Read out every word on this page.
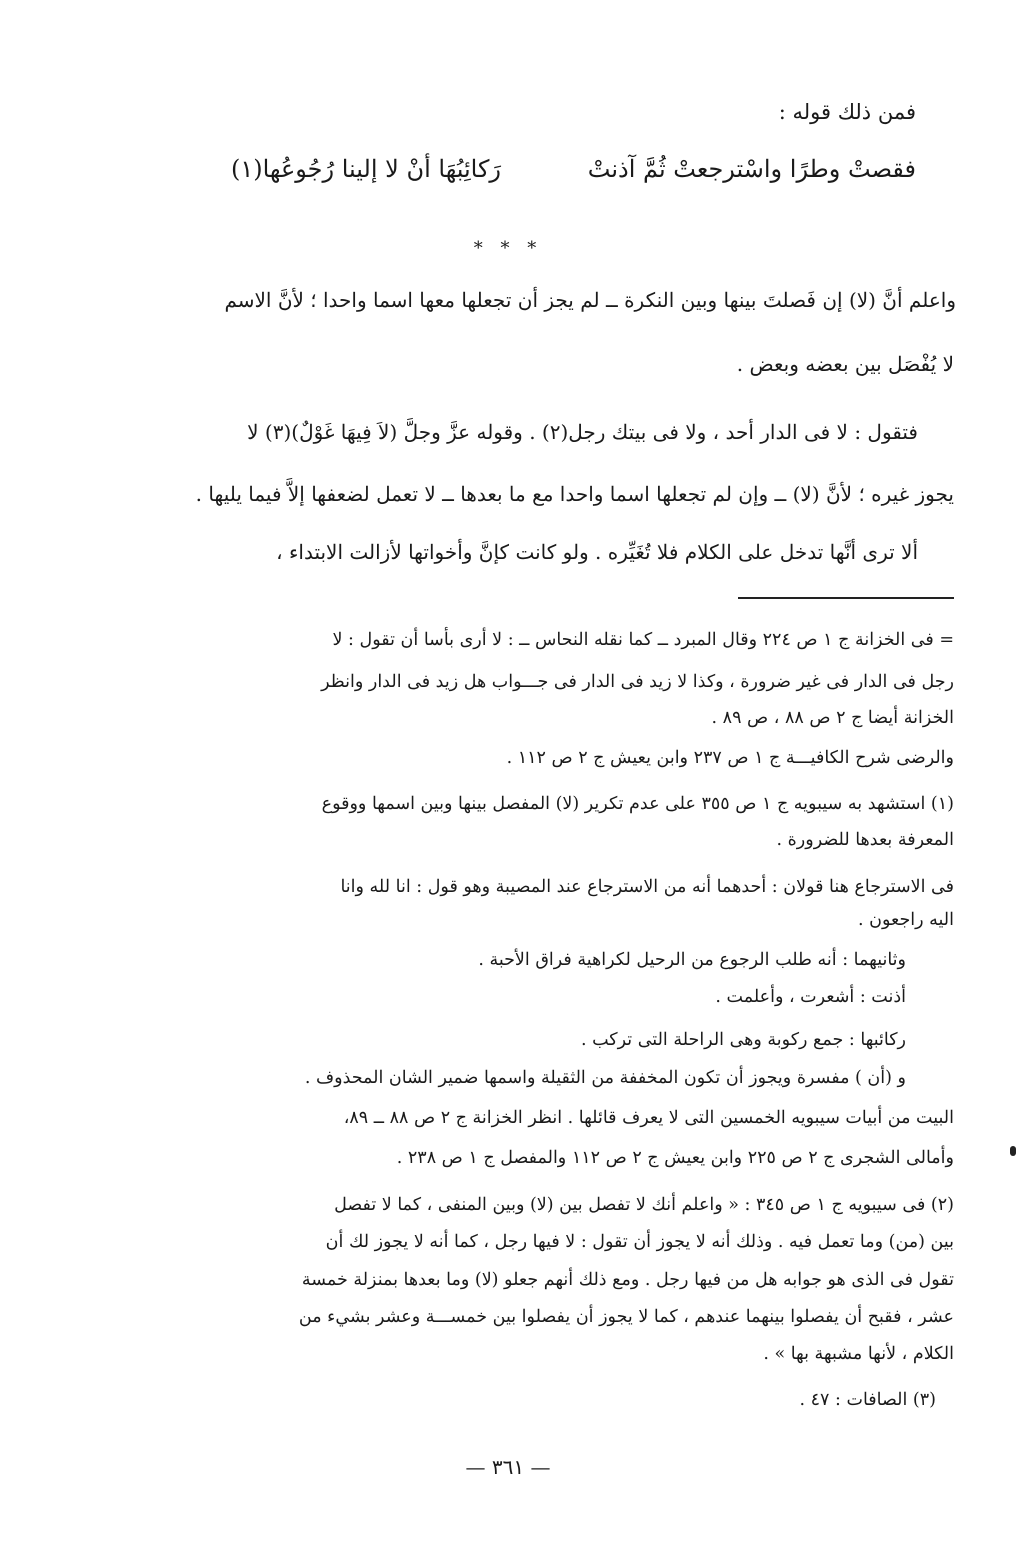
فمن ذلك قوله :
فقصتْ وطرًا واسْترجعتْ ثُمَّ آذنتْ
رَكائِبُهَا أنْ لا إلينا رُجُوعُها(١)
* * *
واعلم أنَّ (لا) إن فَصلتَ بينها وبين النكرة ــ لم يجز أن تجعلها معها اسما واحدا ؛ لأنَّ الاسم
لا يُفْصَل بين بعضه وبعض .
فتقول : لا فى الدار أحد ، ولا فى بيتك رجل(٢) . وقوله عزَّ وجلَّ (لاَ فِيهَا غَوْلٌ)(٣) لا
يجوز غيره ؛ لأنَّ (لا) ــ وإن لم تجعلها اسما واحدا مع ما بعدها ــ لا تعمل لضعفها إلاَّ فيما يليها .
ألا ترى أنَّها تدخل على الكلام فلا تُغَيِّره . ولو كانت كإنَّ وأخواتها لأزالت الابتداء ،
= فى الخزانة ج ١ ص ٢٢٤ وقال المبرد ــ كما نقله النحاس ــ : لا أرى بأسا أن تقول : لا
رجل فى الدار فى غير ضرورة ، وكذا لا زيد فى الدار فى جـــواب هل زيد فى الدار وانظر
الخزانة أيضا ج ٢ ص ٨٨ ، ص ٨٩ .
والرضى شرح الكافيـــة ج ١ ص ٢٣٧ وابن يعيش ج ٢ ص ١١٢ .
(١) استشهد به سيبويه ج ١ ص ٣٥٥ على عدم تكرير (لا) المفصل بينها وبين اسمها ووقوع
المعرفة بعدها للضرورة .
فى الاسترجاع هنا قولان : أحدهما أنه من الاسترجاع عند المصيبة وهو قول : انا لله وانا
اليه راجعون .
وثانيهما : أنه طلب الرجوع من الرحيل لكراهية فراق الأحبة .
أذنت : أشعرت ، وأعلمت .
ركائبها : جمع ركوبة وهى الراحلة التى تركب .
و (أن ) مفسرة ويجوز أن تكون المخففة من الثقيلة واسمها ضمير الشان المحذوف .
البيت من أبيات سيبويه الخمسين التى لا يعرف قائلها . انظر الخزانة ج ٢ ص ٨٨ ــ ٨٩،
وأمالى الشجرى ج ٢ ص ٢٢٥ وابن يعيش ج ٢ ص ١١٢ والمفصل ج ١ ص ٢٣٨ .
(٢) فى سيبويه ج ١ ص ٣٤٥ : « واعلم أنك لا تفصل بين (لا) وبين المنفى ، كما لا تفصل
بين (من) وما تعمل فيه . وذلك أنه لا يجوز أن تقول : لا فيها رجل ، كما أنه لا يجوز لك أن
تقول فى الذى هو جوابه هل من فيها رجل . ومع ذلك أنهم جعلو (لا) وما بعدها بمنزلة خمسة
عشر ، فقبح أن يفصلوا بينهما عندهم ، كما لا يجوز أن يفصلوا بين خمســـة وعشر بشيء من
الكلام ، لأنها مشبهة بها » .
(٣) الصافات : ٤٧ .
— ٣٦١ —
